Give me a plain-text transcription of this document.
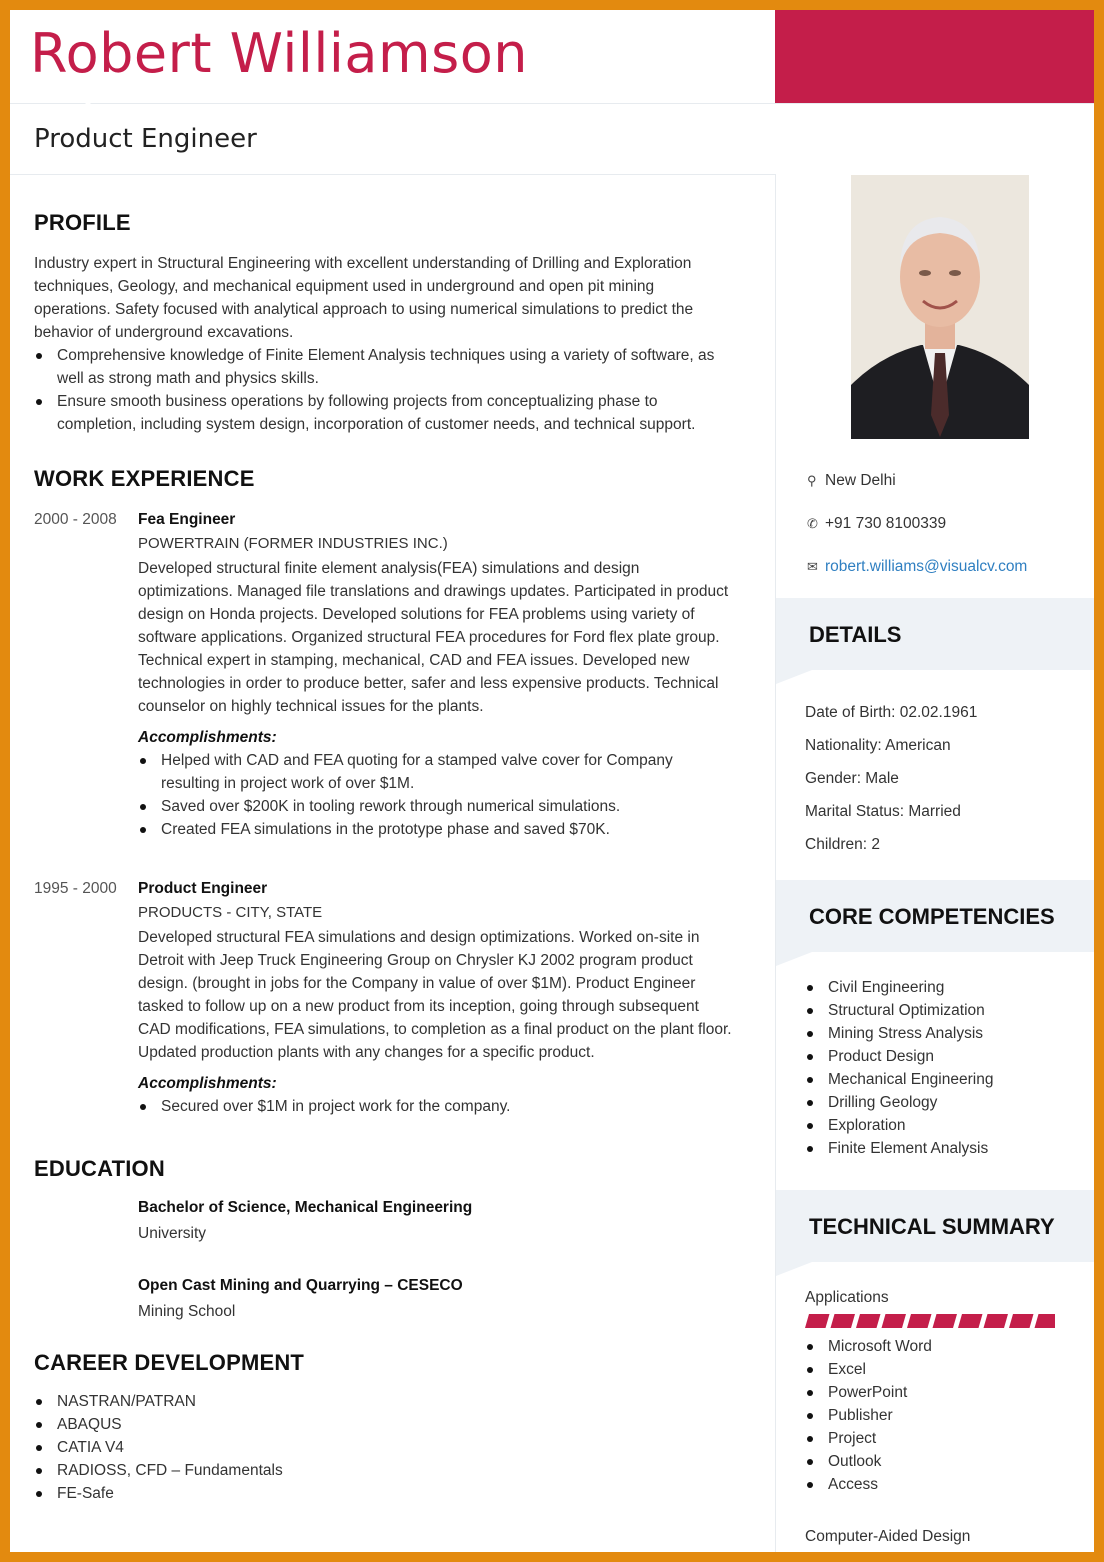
Robert Williamson
Product Engineer
PROFILE

Industry expert in Structural Engineering with excellent understanding of Drilling and Exploration techniques, Geology, and mechanical equipment used in underground and open pit mining operations. Safety focused with analytical approach to using numerical simulations to predict the behavior of underground excavations.

Comprehensive knowledge of Finite Element Analysis techniques using a variety of software, as well as strong math and physics skills.
Ensure smooth business operations by following projects from conceptualizing phase to completion, including system design, incorporation of customer needs, and technical support.
WORK EXPERIENCE
2000 - 2008 Fea Engineer
POWERTRAIN (FORMER INDUSTRIES INC.)

Developed structural finite element analysis(FEA) simulations and design optimizations. Managed file translations and drawings updates. Participated in product design on Honda projects. Developed solutions for FEA problems using variety of software applications. Organized structural FEA procedures for Ford flex plate group. Technical expert in stamping, mechanical, CAD and FEA issues. Developed new technologies in order to produce better, safer and less expensive products. Technical counselor on highly technical issues for the plants.

Accomplishments:
Helped with CAD and FEA quoting for a stamped valve cover for Company resulting in project work of over $1M.
Saved over $200K in tooling rework through numerical simulations.
Created FEA simulations in the prototype phase and saved $70K.
1995 - 2000 Product Engineer
PRODUCTS - CITY, STATE

Developed structural FEA simulations and design optimizations. Worked on-site in Detroit with Jeep Truck Engineering Group on Chrysler KJ 2002 program product design. (brought in jobs for the Company in value of over $1M). Product Engineer tasked to follow up on a new product from its inception, going through subsequent CAD modifications, FEA simulations, to completion as a final product on the plant floor. Updated production plants with any changes for a specific product.

Accomplishments:
Secured over $1M in project work for the company.
EDUCATION
Bachelor of Science, Mechanical Engineering
University
Open Cast Mining and Quarrying – CESECO
Mining School
CAREER DEVELOPMENT
NASTRAN/PATRAN
ABAQUS
CATIA V4
RADIOSS, CFD – Fundamentals
FE-Safe
⚲ New Delhi
✆ +91 730 8100339
✉ robert.williams@visualcv.com
DETAILS
Date of Birth: 02.02.1961
Nationality: American
Gender: Male
Marital Status: Married
Children: 2
CORE COMPETENCIES
Civil Engineering
Structural Optimization
Mining Stress Analysis
Product Design
Mechanical Engineering
Drilling Geology
Exploration
Finite Element Analysis
TECHNICAL SUMMARY
Applications
Microsoft Word
Excel
PowerPoint
Publisher
Project
Outlook
Access
Computer-Aided Design
